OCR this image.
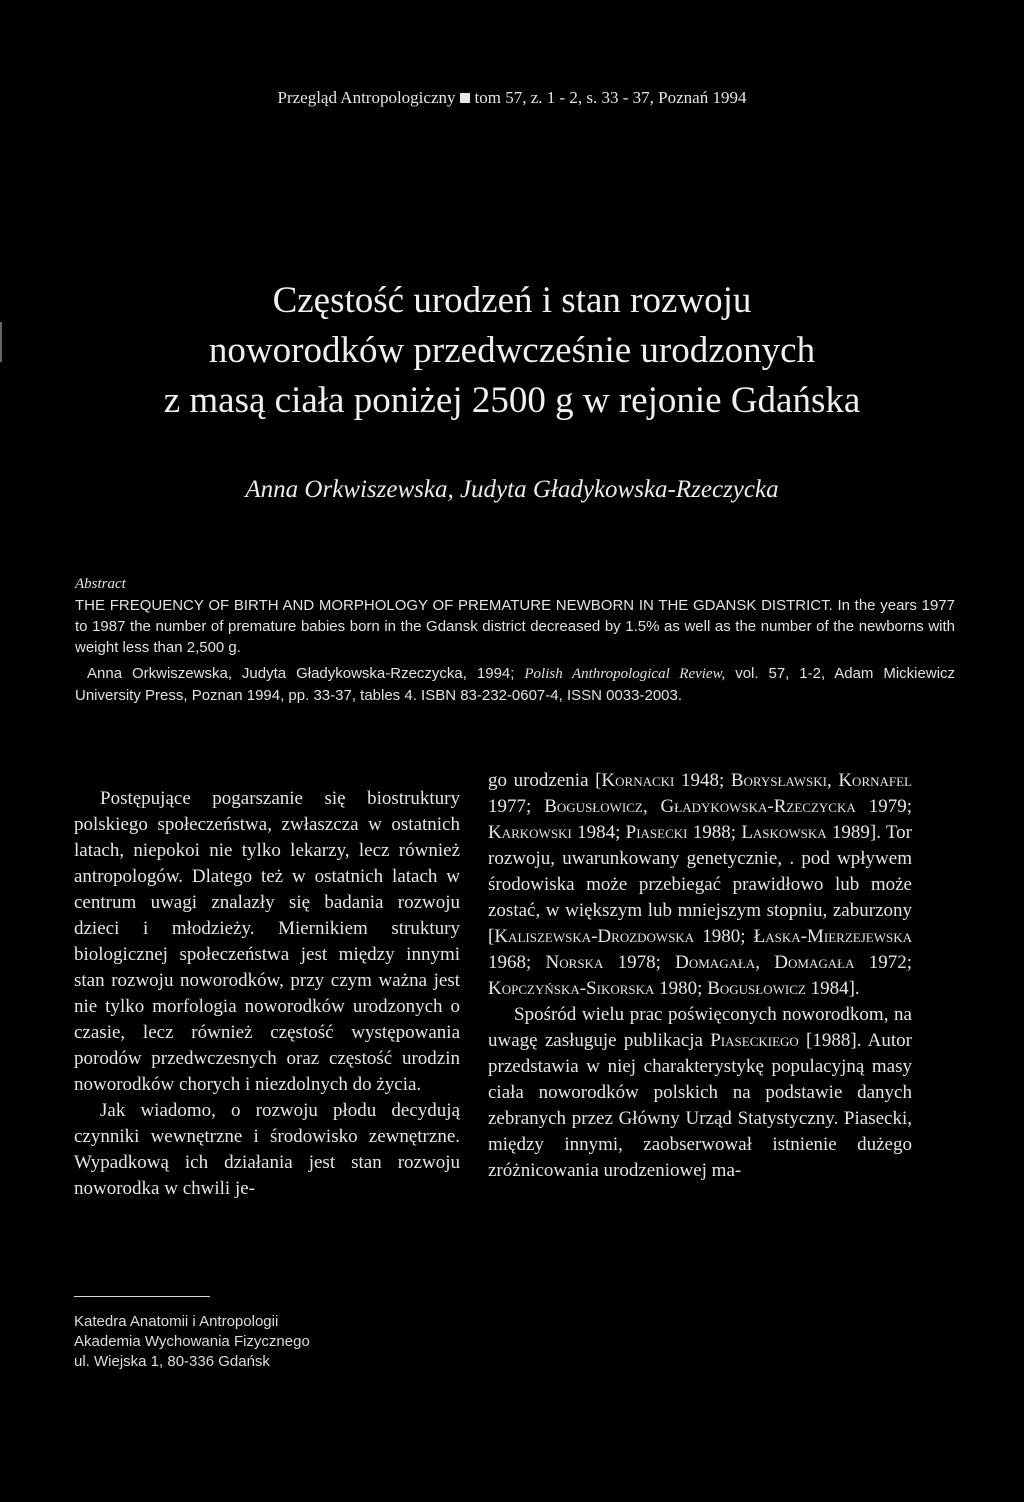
Przegląd Antropologiczny tom 57, z. 1 - 2, s. 33 - 37, Poznań 1994
Częstość urodzeń i stan rozwoju
noworodków przedwcześnie urodzonych
z masą ciała poniżej 2500 g w rejonie Gdańska
Anna Orkwiszewska, Judyta Gładykowska-Rzeczycka
Abstract
THE FREQUENCY OF BIRTH AND MORPHOLOGY OF PREMATURE NEWBORN IN THE GDANSK DISTRICT. In the years 1977 to 1987 the number of premature babies born in the Gdansk district decreased by 1.5% as well as the number of the newborns with weight less than 2,500 g.
Anna Orkwiszewska, Judyta Gładykowska-Rzeczycka, 1994; Polish Anthropological Review, vol. 57, 1-2, Adam Mickiewicz University Press, Poznan 1994, pp. 33-37, tables 4. ISBN 83-232-0607-4, ISSN 0033-2003.

Postępujące pogarszanie się biostruktury polskiego społeczeństwa, zwłaszcza w ostatnich latach, niepokoi nie tylko lekarzy, lecz również antropologów. Dlatego też w ostatnich latach w centrum uwagi znalazły się badania rozwoju dzieci i młodzieży. Miernikiem struktury biologicznej społeczeństwa jest między innymi stan rozwoju noworodków, przy czym ważna jest nie tylko morfologia noworodków urodzonych o czasie, lecz również częstość występowania porodów przedwczesnych oraz częstość urodzin noworodków chorych i niezdolnych do życia.

Jak wiadomo, o rozwoju płodu decydują czynniki wewnętrzne i środowisko zewnętrzne. Wypadkową ich działania jest stan rozwoju noworodka w chwili je-

go urodzenia [Kornacki 1948; Borysławski, Kornafel 1977; Bogusłowicz, Gładykowska-Rzeczycka 1979; Karkowski 1984; Piasecki 1988; Laskowska 1989]. Tor rozwoju, uwarunkowany genetycznie, . pod wpływem środowiska może przebiegać prawidłowo lub może zostać, w większym lub mniejszym stopniu, zaburzony [Kaliszewska-Drozdowska 1980; Łaska-Mierzejewska 1968; Norska 1978; Domagała, Domagała 1972; Kopczyńska-Sikorska 1980; Bogusłowicz 1984].

Spośród wielu prac poświęconych noworodkom, na uwagę zasługuje publikacja Piaseckiego [1988]. Autor przedstawia w niej charakterystykę populacyjną masy ciała noworodków polskich na podstawie danych zebranych przez Główny Urząd Statystyczny. Piasecki, między innymi, zaobserwował istnienie dużego zróżnicowania urodzeniowej ma-

Katedra Anatomii i Antropologii
Akademia Wychowania Fizycznego
ul. Wiejska 1, 80-336 Gdańsk
